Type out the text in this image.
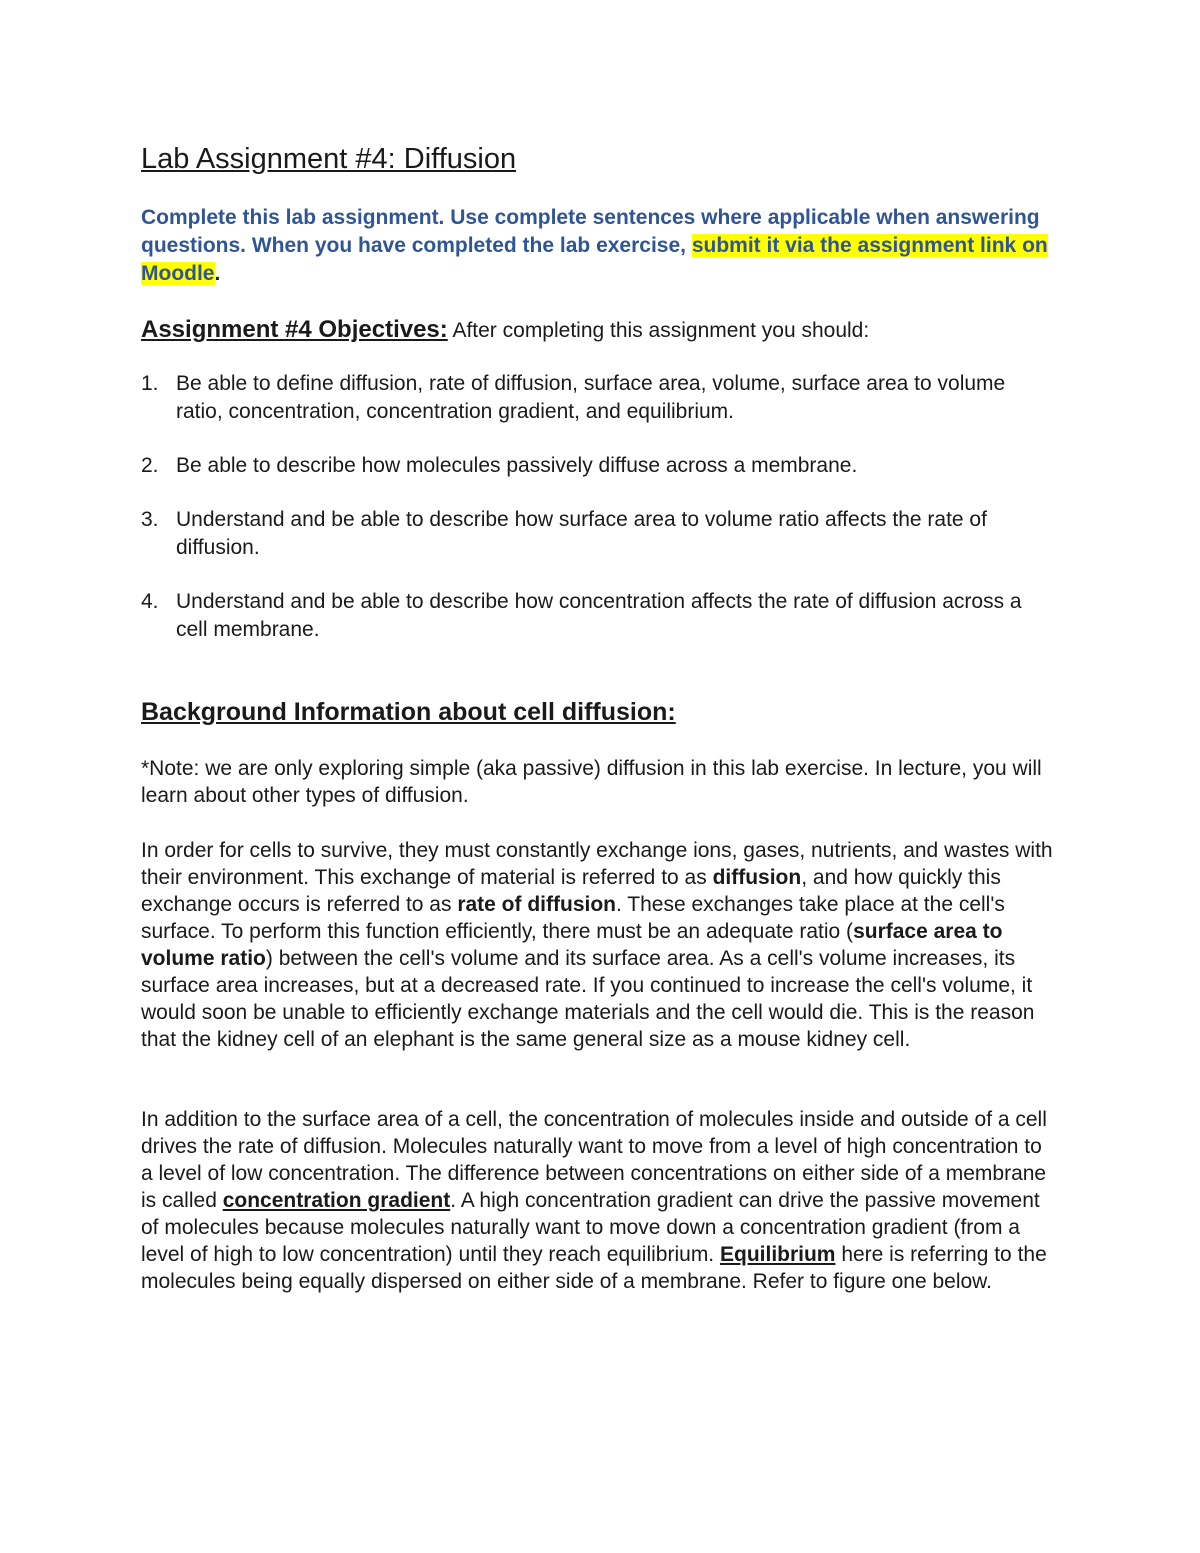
Lab Assignment #4: Diffusion

Complete this lab assignment. Use complete sentences where applicable when answering questions. When you have completed the lab exercise, submit it via the assignment link on Moodle.

Assignment #4 Objectives: After completing this assignment you should:

1. Be able to define diffusion, rate of diffusion, surface area, volume, surface area to volume ratio, concentration, concentration gradient, and equilibrium.
2. Be able to describe how molecules passively diffuse across a membrane.
3. Understand and be able to describe how surface area to volume ratio affects the rate of diffusion.
4. Understand and be able to describe how concentration affects the rate of diffusion across a cell membrane.
Background Information about cell diffusion:

*Note: we are only exploring simple (aka passive) diffusion in this lab exercise. In lecture, you will learn about other types of diffusion.

In order for cells to survive, they must constantly exchange ions, gases, nutrients, and wastes with their environment. This exchange of material is referred to as diffusion, and how quickly this exchange occurs is referred to as rate of diffusion. These exchanges take place at the cell's surface. To perform this function efficiently, there must be an adequate ratio (surface area to volume ratio) between the cell's volume and its surface area. As a cell's volume increases, its surface area increases, but at a decreased rate. If you continued to increase the cell's volume, it would soon be unable to efficiently exchange materials and the cell would die. This is the reason that the kidney cell of an elephant is the same general size as a mouse kidney cell.

In addition to the surface area of a cell, the concentration of molecules inside and outside of a cell drives the rate of diffusion. Molecules naturally want to move from a level of high concentration to a level of low concentration. The difference between concentrations on either side of a membrane is called concentration gradient. A high concentration gradient can drive the passive movement of molecules because molecules naturally want to move down a concentration gradient (from a level of high to low concentration) until they reach equilibrium. Equilibrium here is referring to the molecules being equally dispersed on either side of a membrane. Refer to figure one below.
